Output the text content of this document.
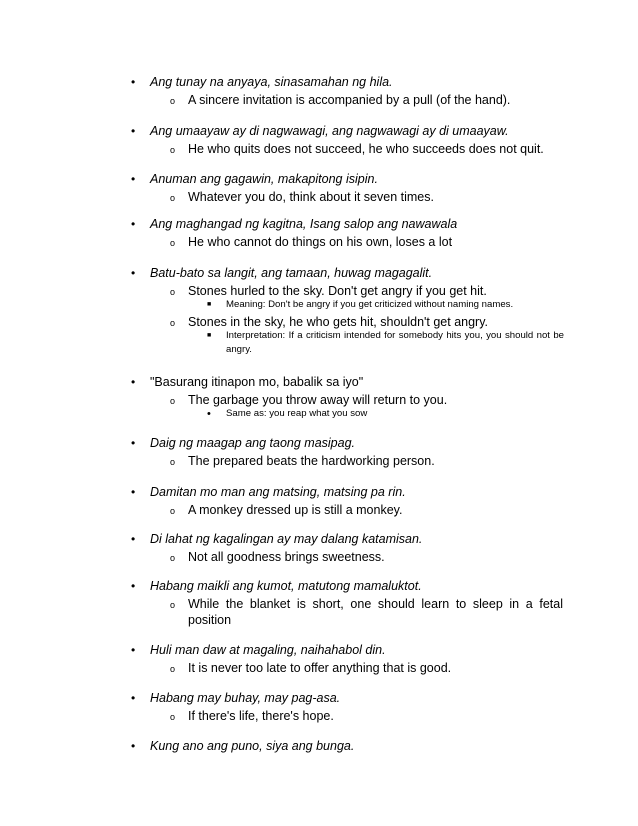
• Ang tunay na anyaya, sinasamahan ng hila.
o A sincere invitation is accompanied by a pull (of the hand).
• Ang umaayaw ay di nagwawagi, ang nagwawagi ay di umaayaw.
o He who quits does not succeed, he who succeeds does not quit.
• Anuman ang gagawin, makapitong isipin.
o Whatever you do, think about it seven times.
• Ang maghangad ng kagitna, Isang salop ang nawawala
o He who cannot do things on his own, loses a lot
• Batu-bato sa langit, ang tamaan, huwag magagalit.
o Stones hurled to the sky. Don't get angry if you get hit.
■ Meaning: Don't be angry if you get criticized without naming names.
o Stones in the sky, he who gets hit, shouldn't get angry.
■ Interpretation: If a criticism intended for somebody hits you, you should not be angry.
• "Basurang itinapon mo, babalik sa iyo"
o The garbage you throw away will return to you.
• Same as: you reap what you sow
• Daig ng maagap ang taong masipag.
o The prepared beats the hardworking person.
• Damitan mo man ang matsing, matsing pa rin.
o A monkey dressed up is still a monkey.
• Di lahat ng kagalingan ay may dalang katamisan.
o Not all goodness brings sweetness.
• Habang maikli ang kumot, matutong mamaluktot.
o While the blanket is short, one should learn to sleep in a fetal position
• Huli man daw at magaling, naihahabol din.
o It is never too late to offer anything that is good.
• Habang may buhay, may pag-asa.
o If there's life, there's hope.
• Kung ano ang puno, siya ang bunga.
